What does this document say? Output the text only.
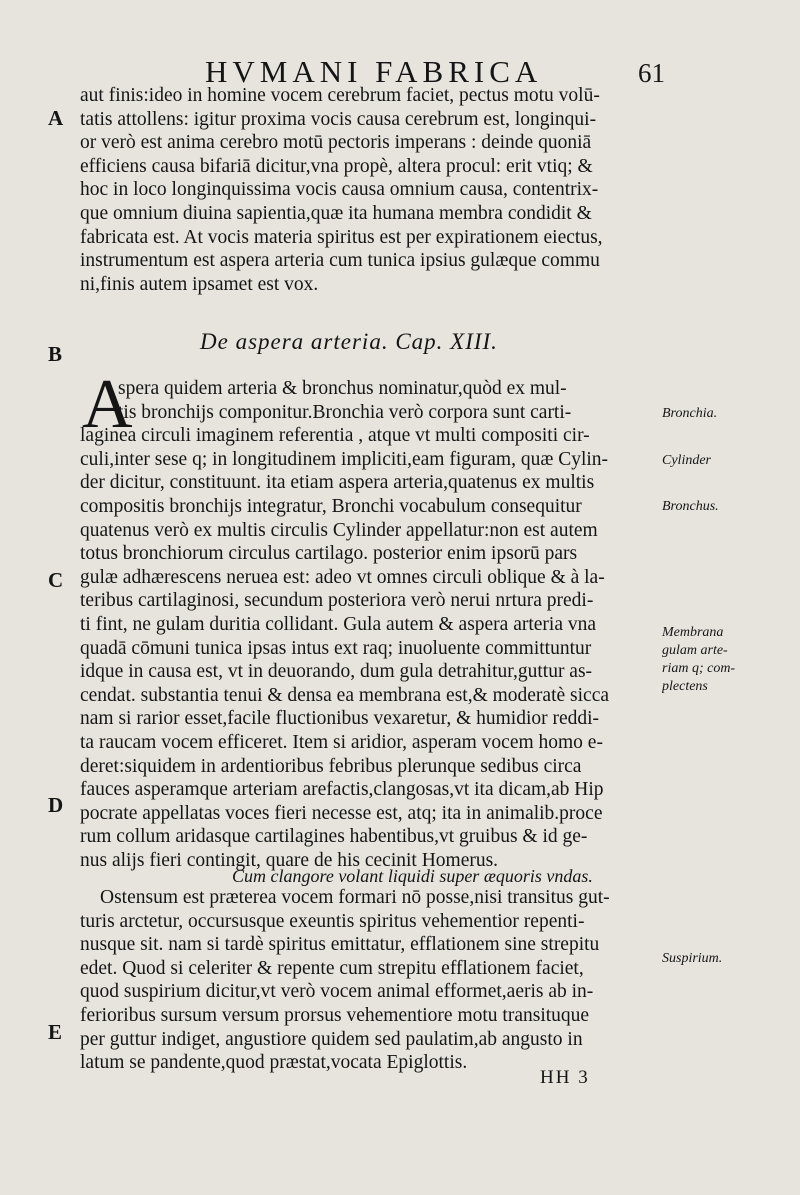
HVMANI FABRICA	61
A
B
C
D
E
aut finis:ideo in homine vocem cerebrum faciet, pectus motu volū-
tatis attollens: igitur proxima vocis causa cerebrum est, longinqui-
or verò est anima cerebro motū pectoris imperans : deinde quoniā
efficiens causa bifariā dicitur,vna propè, altera procul: erit vtiq; &
hoc in loco longinquissima vocis causa omnium causa, contentrix-
que omnium diuina sapientia,quæ ita humana membra condidit &
fabricata est. At vocis materia spiritus est per expirationem eiectus,
instrumentum est aspera arteria cum tunica ipsius gulæque commu
ni,finis autem ipsamet est vox.
De aspera arteria. Cap. XIII.
A
spera quidem arteria & bronchus nominatur,quòd ex mul-
tis bronchijs componitur.Bronchia verò corpora sunt carti-
laginea circuli imaginem referentia , atque vt multi compositi cir-
culi,inter sese q; in longitudinem impliciti,eam figuram, quæ Cylin-
der dicitur, constituunt. ita etiam aspera arteria,quatenus ex multis
compositis bronchijs integratur, Bronchi vocabulum consequitur
quatenus verò ex multis circulis Cylinder appellatur:non est autem
totus bronchiorum circulus cartilago. posterior enim ipsorū pars
gulæ adhærescens neruea est: adeo vt omnes circuli oblique & à la-
teribus cartilaginosi, secundum posteriora verò nerui nrtura predi-
ti fint, ne gulam duritia collidant. Gula autem & aspera arteria vna
quadā cōmuni tunica ipsas intus ext raq; inuoluente committuntur
idque in causa est, vt in deuorando, dum gula detrahitur,guttur as-
cendat. substantia tenui & densa ea membrana est,& moderatè sicca
nam si rarior esset,facile fluctionibus vexaretur, & humidior reddi-
ta raucam vocem efficeret. Item si aridior, asperam vocem homo e-
deret:siquidem in ardentioribus febribus plerunque sedibus circa
fauces asperamque arteriam arefactis,clangosas,vt ita dicam,ab Hip
pocrate appellatas voces fieri necesse est, atq; ita in animalib.proce
rum collum aridasque cartilagines habentibus,vt gruibus & id ge-
nus alijs fieri contingit, quare de his cecinit Homerus.
Cum clangore volant liquidi super æquoris vndas.
Ostensum est præterea vocem formari nō posse,nisi transitus gut-
turis arctetur, occursusque exeuntis spiritus vehementior repenti-
nusque sit. nam si tardè spiritus emittatur, efflationem sine strepitu
edet. Quod si celeriter & repente cum strepitu efflationem faciet,
quod suspirium dicitur,vt verò vocem animal efformet,aeris ab in-
ferioribus sursum versum prorsus vehementiore motu transituque
per guttur indiget, angustiore quidem sed paulatim,ab angusto in
latum se pandente,quod præstat,vocata Epiglottis.
Bronchia.
Cylinder
Bronchus.
Membrana
gulam arte-
riam q; com-
plectens
Suspirium.
HH 3
